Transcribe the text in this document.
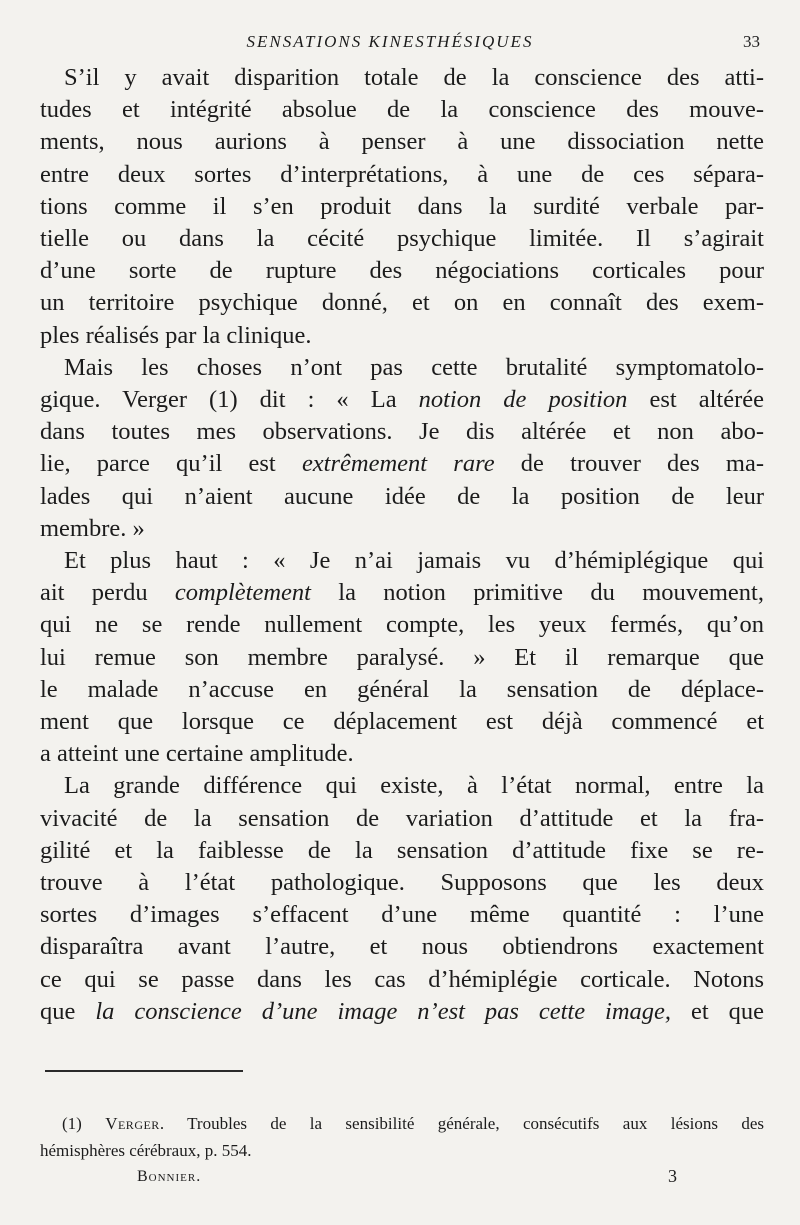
SENSATIONS KINESTHÉSIQUES	33
S’il y avait disparition totale de la conscience des atti-
tudes et intégrité absolue de la conscience des mouve-
ments, nous aurions à penser à une dissociation nette
entre deux sortes d’interprétations, à une de ces sépara-
tions comme il s’en produit dans la surdité verbale par-
tielle ou dans la cécité psychique limitée. Il s’agirait
d’une sorte de rupture des négociations corticales pour
un territoire psychique donné, et on en connaît des exem-
ples réalisés par la clinique.
Mais les choses n’ont pas cette brutalité symptomatolo-
gique. Verger (1) dit : « La notion de position est altérée
dans toutes mes observations. Je dis altérée et non abo-
lie, parce qu’il est extrêmement rare de trouver des ma-
lades qui n’aient aucune idée de la position de leur
membre. »
Et plus haut : « Je n’ai jamais vu d’hémiplégique qui
ait perdu complètement la notion primitive du mouvement,
qui ne se rende nullement compte, les yeux fermés, qu’on
lui remue son membre paralysé. » Et il remarque que
le malade n’accuse en général la sensation de déplace-
ment que lorsque ce déplacement est déjà commencé et
a atteint une certaine amplitude.
La grande différence qui existe, à l’état normal, entre la
vivacité de la sensation de variation d’attitude et la fra-
gilité et la faiblesse de la sensation d’attitude fixe se re-
trouve à l’état pathologique. Supposons que les deux
sortes d’images s’effacent d’une même quantité : l’une
disparaîtra avant l’autre, et nous obtiendrons exactement
ce qui se passe dans les cas d’hémiplégie corticale. Notons
que la conscience d’une image n’est pas cette image, et que
(1) Verger. Troubles de la sensibilité générale, consécutifs aux lésions des
hémisphères cérébraux, p. 554.
Bonnier.	3
